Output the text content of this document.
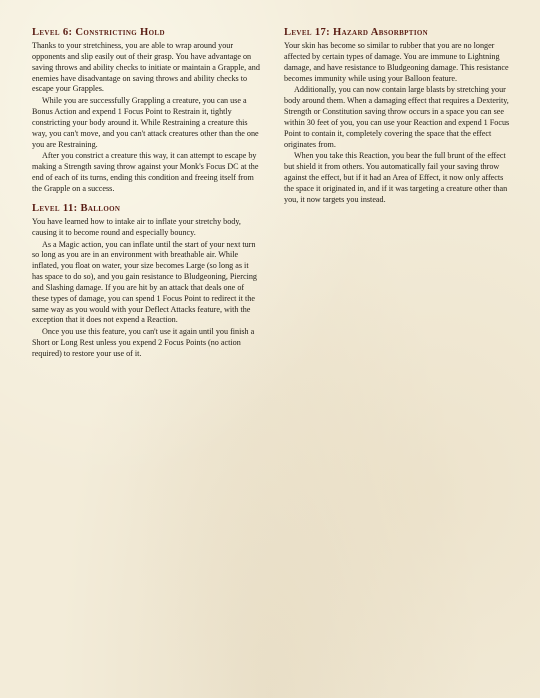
Level 6: Constricting Hold

Thanks to your stretchiness, you are able to wrap around your opponents and slip easily out of their grasp. You have advantage on saving throws and ability checks to initiate or maintain a Grapple, and enemies have disadvantage on saving throws and ability checks to escape your Grapples.

While you are successfully Grappling a creature, you can use a Bonus Action and expend 1 Focus Point to Restrain it, tightly constricting your body around it. While Restraining a creature this way, you can't move, and you can't attack creatures other than the one you are Restraining.

After you constrict a creature this way, it can attempt to escape by making a Strength saving throw against your Monk's Focus DC at the end of each of its turns, ending this condition and freeing itself from the Grapple on a success.

Level 11: Balloon

You have learned how to intake air to inflate your stretchy body, causing it to become round and especially bouncy.

As a Magic action, you can inflate until the start of your next turn so long as you are in an environment with breathable air. While inflated, you float on water, your size becomes Large (so long as it has space to do so), and you gain resistance to Bludgeoning, Piercing and Slashing damage. If you are hit by an attack that deals one of these types of damage, you can spend 1 Focus Point to redirect it the same way as you would with your Deflect Attacks feature, with the exception that it does not expend a Reaction.

Once you use this feature, you can't use it again until you finish a Short or Long Rest unless you expend 2 Focus Points (no action required) to restore your use of it.

Level 17: Hazard Absorbption

Your skin has become so similar to rubber that you are no longer affected by certain types of damage. You are immune to Lightning damage, and have resistance to Bludgeoning damage. This resistance becomes immunity while using your Balloon feature.

Additionally, you can now contain large blasts by stretching your body around them. When a damaging effect that requires a Dexterity, Strength or Constitution saving throw occurs in a space you can see within 30 feet of you, you can use your Reaction and expend 1 Focus Point to contain it, completely covering the space that the effect originates from.

When you take this Reaction, you bear the full brunt of the effect but shield it from others. You automatically fail your saving throw against the effect, but if it had an Area of Effect, it now only affects the space it originated in, and if it was targeting a creature other than you, it now targets you instead.
